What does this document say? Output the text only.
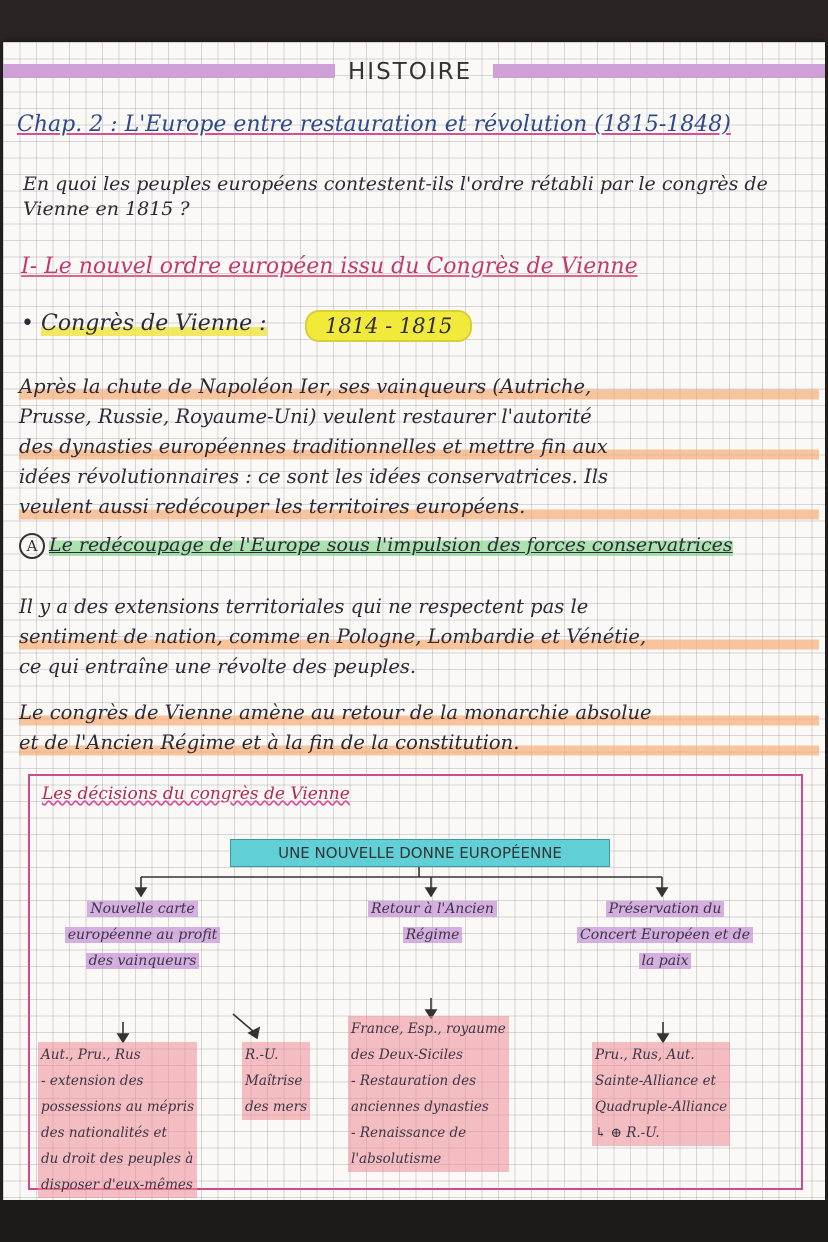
HISTOIRE
Chap. 2 : L'Europe entre restauration et révolution (1815-1848)
En quoi les peuples européens contestent-ils l'ordre rétabli par le congrès de Vienne en 1815 ?
I- Le nouvel ordre européen issu du Congrès de Vienne
• Congrès de Vienne :	1814 - 1815
Après la chute de Napoléon Ier, ses vainqueurs (Autriche,
Prusse, Russie, Royaume-Uni) veulent restaurer l'autorité
des dynasties européennes traditionnelles et mettre fin aux
idées révolutionnaires : ce sont les idées conservatrices. Ils
veulent aussi redécouper les territoires européens.
A Le redécoupage de l'Europe sous l'impulsion des forces conservatrices
Il y a des extensions territoriales qui ne respectent pas le
sentiment de nation, comme en Pologne, Lombardie et Vénétie,
ce qui entraîne une révolte des peuples.
Le congrès de Vienne amène au retour de la monarchie absolue
et de l'Ancien Régime et à la fin de la constitution.
Les décisions du congrès de Vienne
UNE NOUVELLE DONNE EUROPÉENNE
Nouvelle carte
européenne au profit
des vainqueurs
Retour à l'Ancien
Régime
Préservation du
Concert Européen et de
la paix
Aut., Pru., Rus
- extension des
possessions au mépris
des nationalités et
du droit des peuples à
disposer d'eux-mêmes
R.-U.
Maîtrise
des mers
France, Esp., royaume
des Deux-Siciles
- Restauration des
anciennes dynasties
- Renaissance de
l'absolutisme
Pru., Rus, Aut.
Sainte-Alliance et
Quadruple-Alliance
↳ ⊕ R.-U.
